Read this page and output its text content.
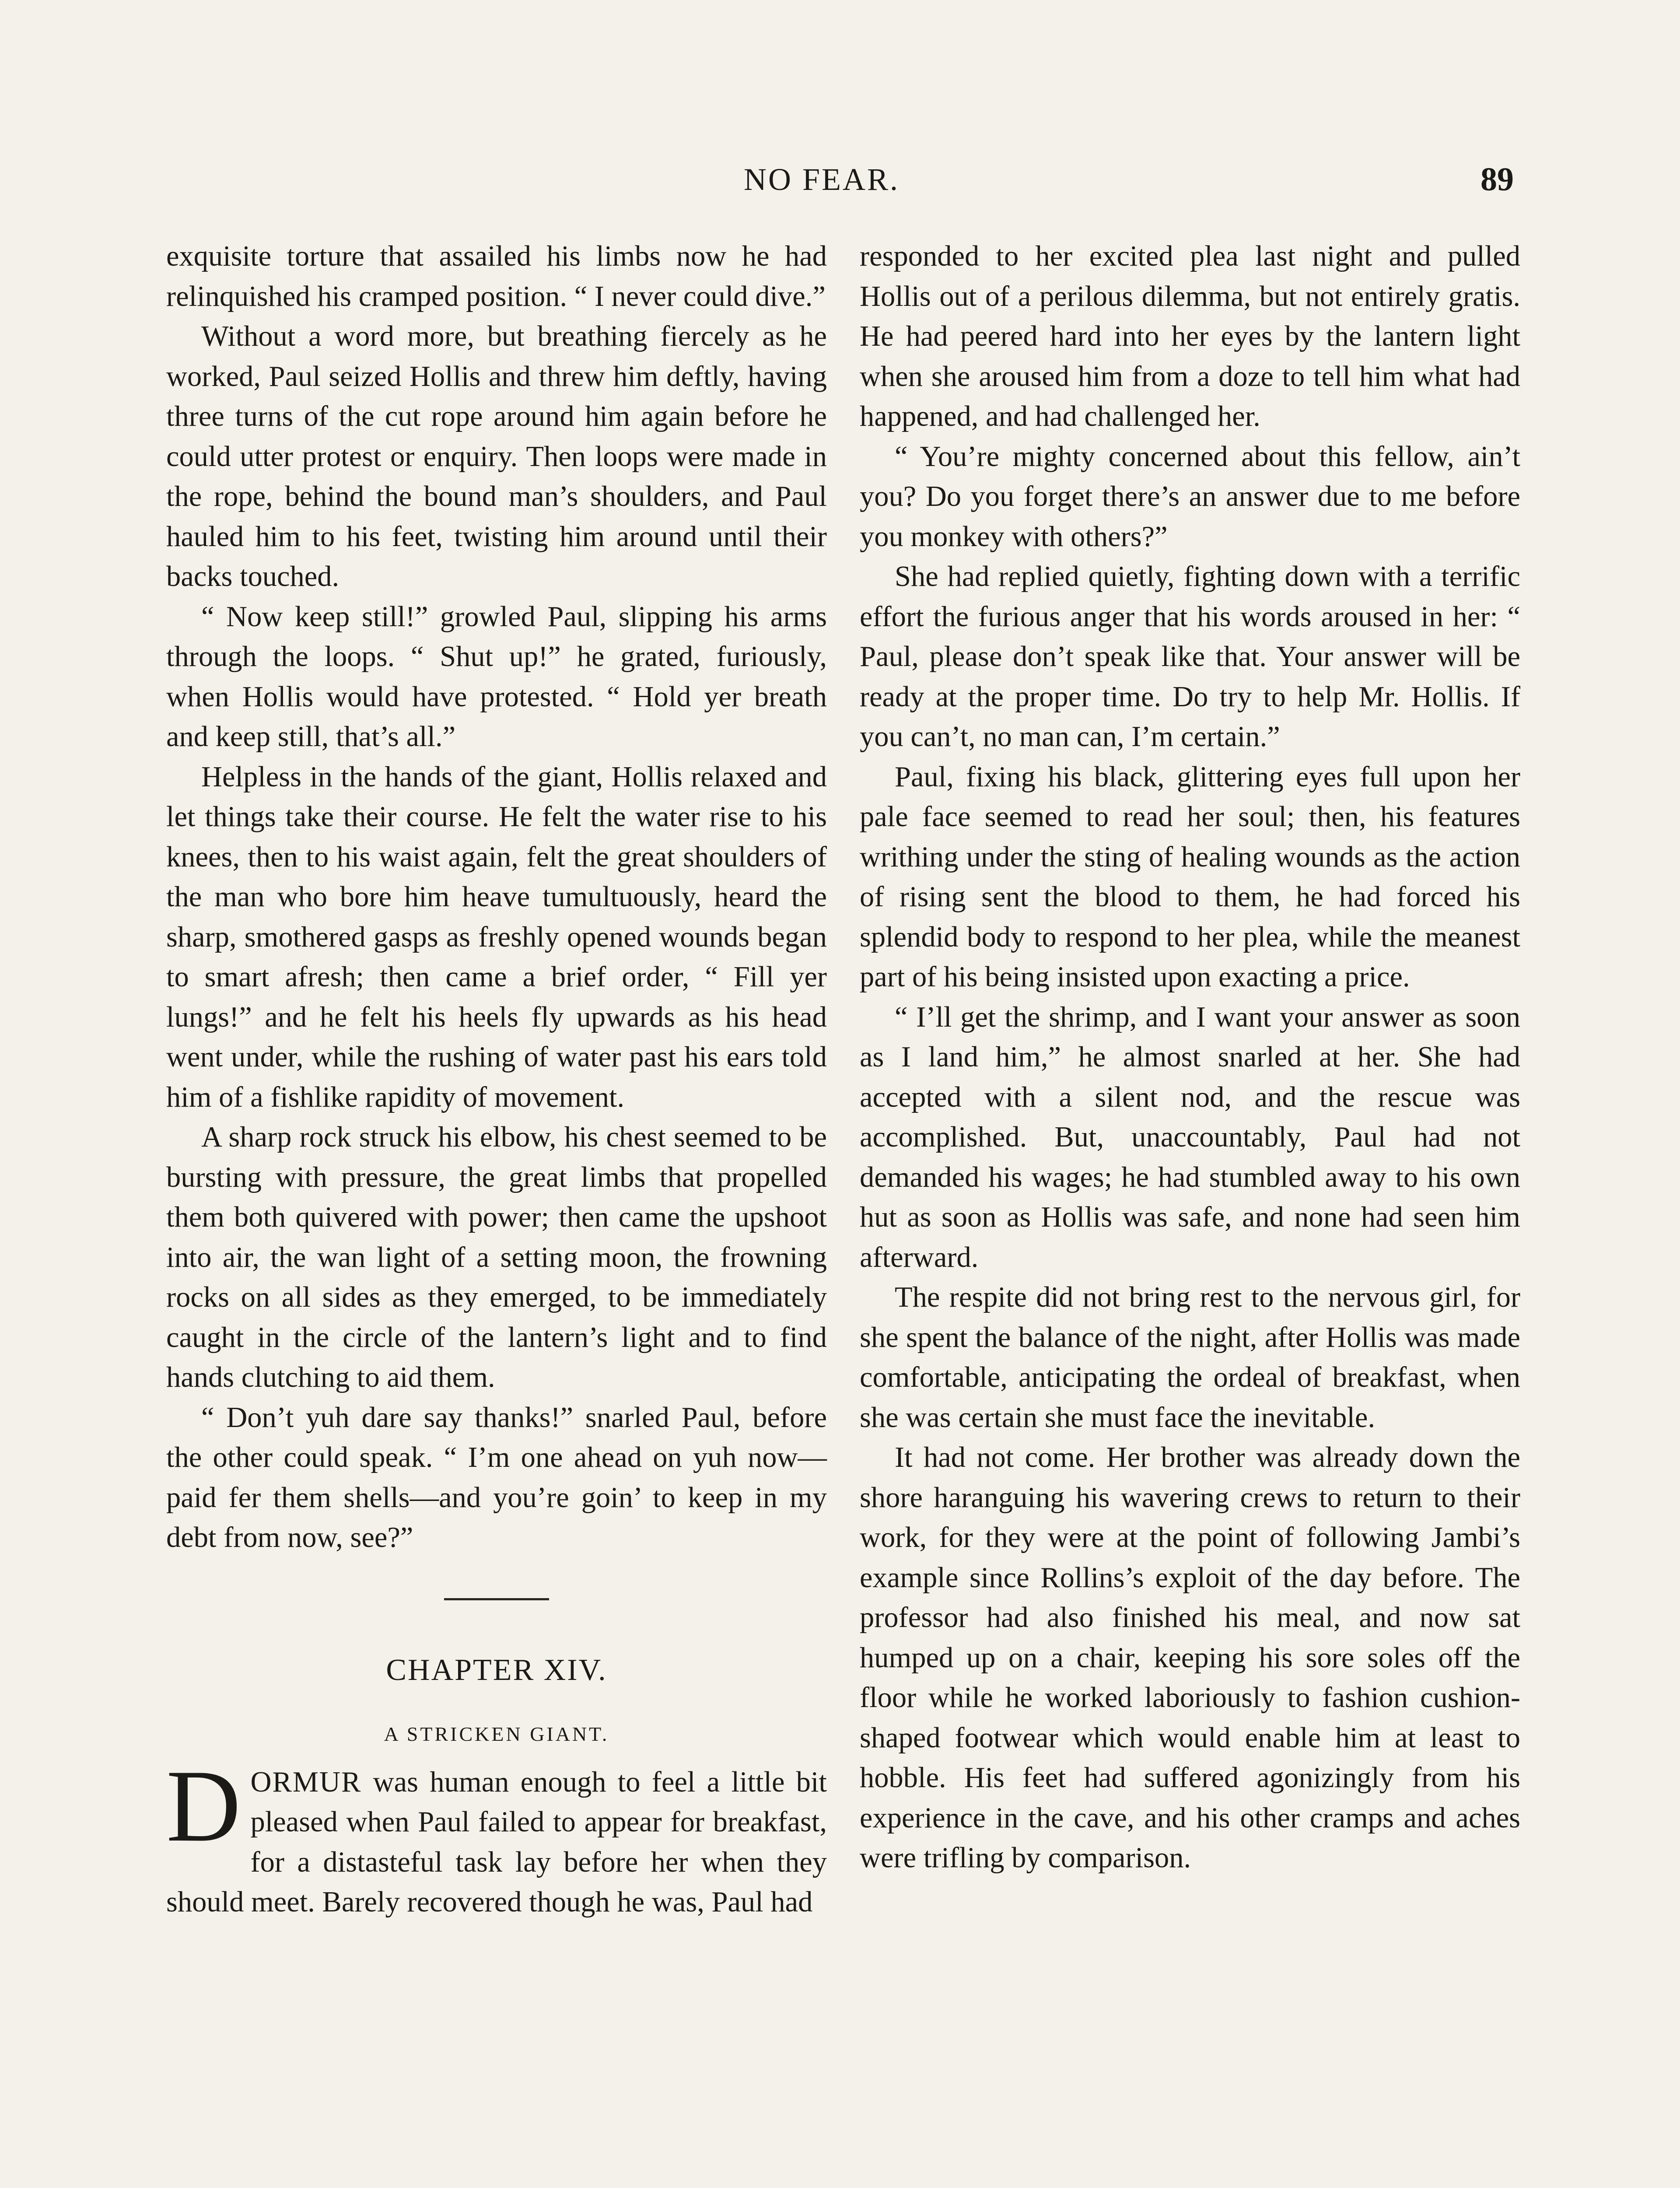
NO FEAR.	89

exquisite torture that assailed his limbs now he had relinquished his cramped position. “ I never could dive.”

Without a word more, but breathing fiercely as he worked, Paul seized Hollis and threw him deftly, having three turns of the cut rope around him again before he could utter protest or enquiry. Then loops were made in the rope, behind the bound man’s shoulders, and Paul hauled him to his feet, twisting him around until their backs touched.

“ Now keep still!” growled Paul, slipping his arms through the loops. “ Shut up!” he grated, furiously, when Hollis would have protested. “ Hold yer breath and keep still, that’s all.”

Helpless in the hands of the giant, Hollis relaxed and let things take their course. He felt the water rise to his knees, then to his waist again, felt the great shoulders of the man who bore him heave tumultuously, heard the sharp, smothered gasps as freshly opened wounds began to smart afresh; then came a brief order, “ Fill yer lungs!” and he felt his heels fly upwards as his head went under, while the rushing of water past his ears told him of a fishlike rapidity of movement.

A sharp rock struck his elbow, his chest seemed to be bursting with pressure, the great limbs that propelled them both quivered with power; then came the upshoot into air, the wan light of a setting moon, the frowning rocks on all sides as they emerged, to be immediately caught in the circle of the lantern’s light and to find hands clutching to aid them.

“ Don’t yuh dare say thanks!” snarled Paul, before the other could speak. “ I’m one ahead on yuh now—paid fer them shells—and you’re goin’ to keep in my debt from now, see?”

CHAPTER XIV.
A STRICKEN GIANT.
D ORMUR was human enough to feel a little bit pleased when Paul failed to appear for breakfast, for a distasteful task lay before her when they should meet. Barely recovered though he was, Paul had

responded to her excited plea last night and pulled Hollis out of a perilous dilemma, but not entirely gratis. He had peered hard into her eyes by the lantern light when she aroused him from a doze to tell him what had happened, and had challenged her.

“ You’re mighty concerned about this fellow, ain’t you? Do you forget there’s an answer due to me before you monkey with others?”

She had replied quietly, fighting down with a terrific effort the furious anger that his words aroused in her: “ Paul, please don’t speak like that. Your answer will be ready at the proper time. Do try to help Mr. Hollis. If you can’t, no man can, I’m certain.”

Paul, fixing his black, glittering eyes full upon her pale face seemed to read her soul; then, his features writhing under the sting of healing wounds as the action of rising sent the blood to them, he had forced his splendid body to respond to her plea, while the meanest part of his being insisted upon exacting a price.

“ I’ll get the shrimp, and I want your answer as soon as I land him,” he almost snarled at her. She had accepted with a silent nod, and the rescue was accomplished. But, unaccountably, Paul had not demanded his wages; he had stumbled away to his own hut as soon as Hollis was safe, and none had seen him afterward.

The respite did not bring rest to the nervous girl, for she spent the balance of the night, after Hollis was made comfortable, anticipating the ordeal of breakfast, when she was certain she must face the inevitable.

It had not come. Her brother was already down the shore haranguing his wavering crews to return to their work, for they were at the point of following Jambi’s example since Rollins’s exploit of the day before. The professor had also finished his meal, and now sat humped up on a chair, keeping his sore soles off the floor while he worked laboriously to fashion cushion-shaped footwear which would enable him at least to hobble. His feet had suffered agonizingly from his experience in the cave, and his other cramps and aches were trifling by comparison.
